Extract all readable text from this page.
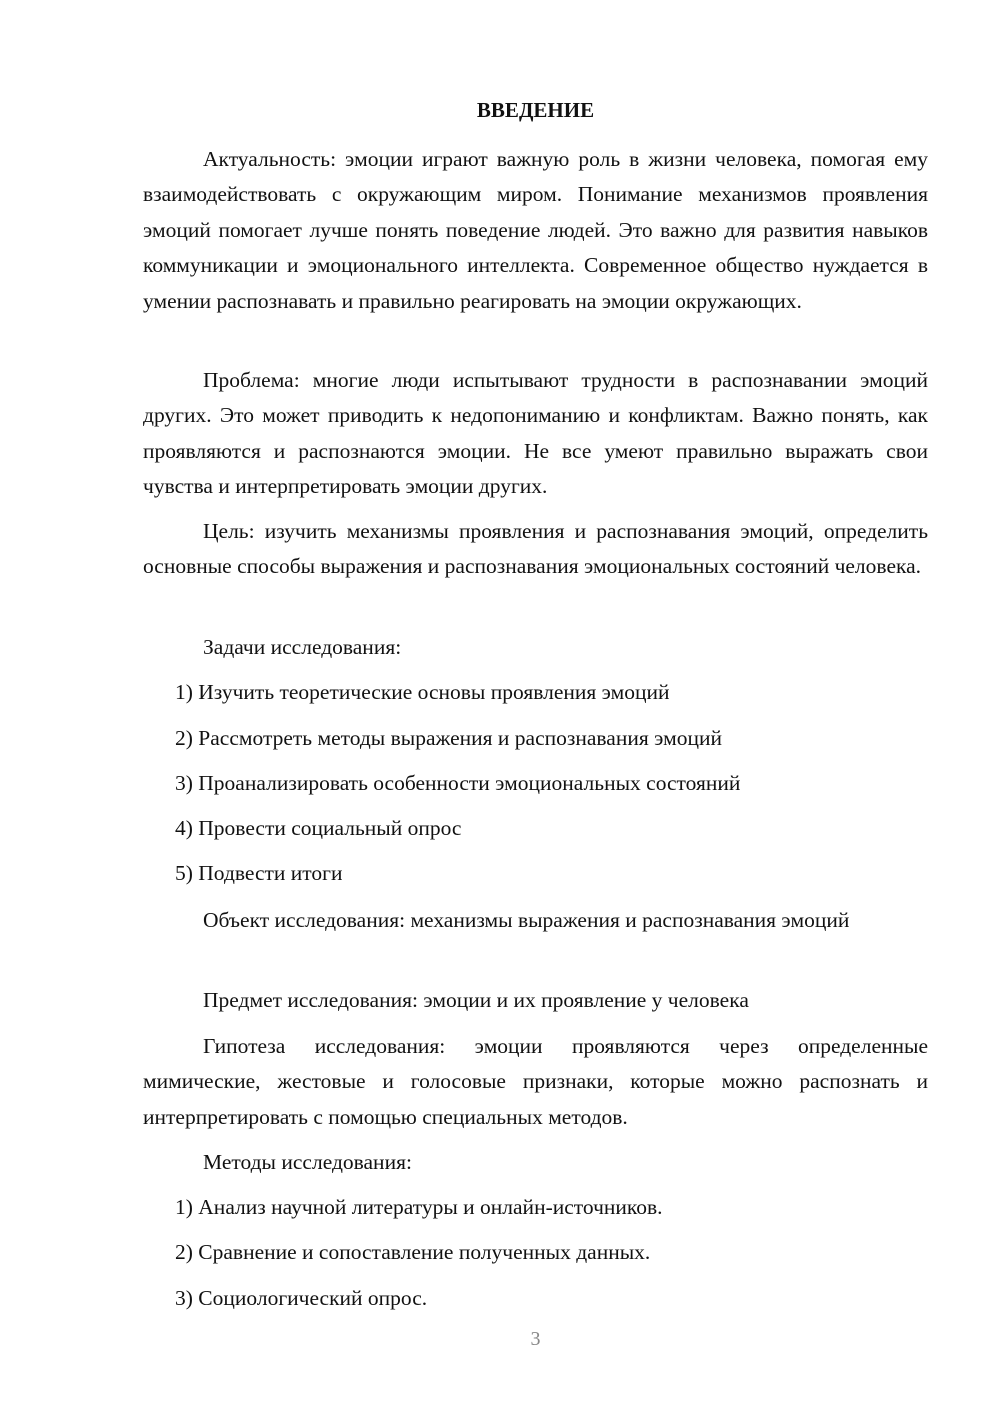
ВВЕДЕНИЕ

Актуальность: эмоции играют важную роль в жизни человека, помогая ему взаимодействовать с окружающим миром. Понимание механизмов проявления эмоций помогает лучше понять поведение людей. Это важно для развития навыков коммуникации и эмоционального интеллекта. Современное общество нуждается в умении распознавать и правильно реагировать на эмоции окружающих.

Проблема: многие люди испытывают трудности в распознавании эмоций других. Это может приводить к недопониманию и конфликтам. Важно понять, как проявляются и распознаются эмоции. Не все умеют правильно выражать свои чувства и интерпретировать эмоции других.

Цель: изучить механизмы проявления и распознавания эмоций, определить основные способы выражения и распознавания эмоциональных состояний человека.

Задачи исследования:

1) Изучить теоретические основы проявления эмоций

2) Рассмотреть методы выражения и распознавания эмоций

3) Проанализировать особенности эмоциональных состояний

4) Провести социальный опрос

5) Подвести итоги

Объект исследования: механизмы выражения и распознавания эмоций

Предмет исследования: эмоции и их проявление у человека

Гипотеза исследования: эмоции проявляются через определенные мимические, жестовые и голосовые признаки, которые можно распознать и интерпретировать с помощью специальных методов.

Методы исследования:

1) Анализ научной литературы и онлайн-источников.

2) Сравнение и сопоставление полученных данных.

3) Социологический опрос.

3
